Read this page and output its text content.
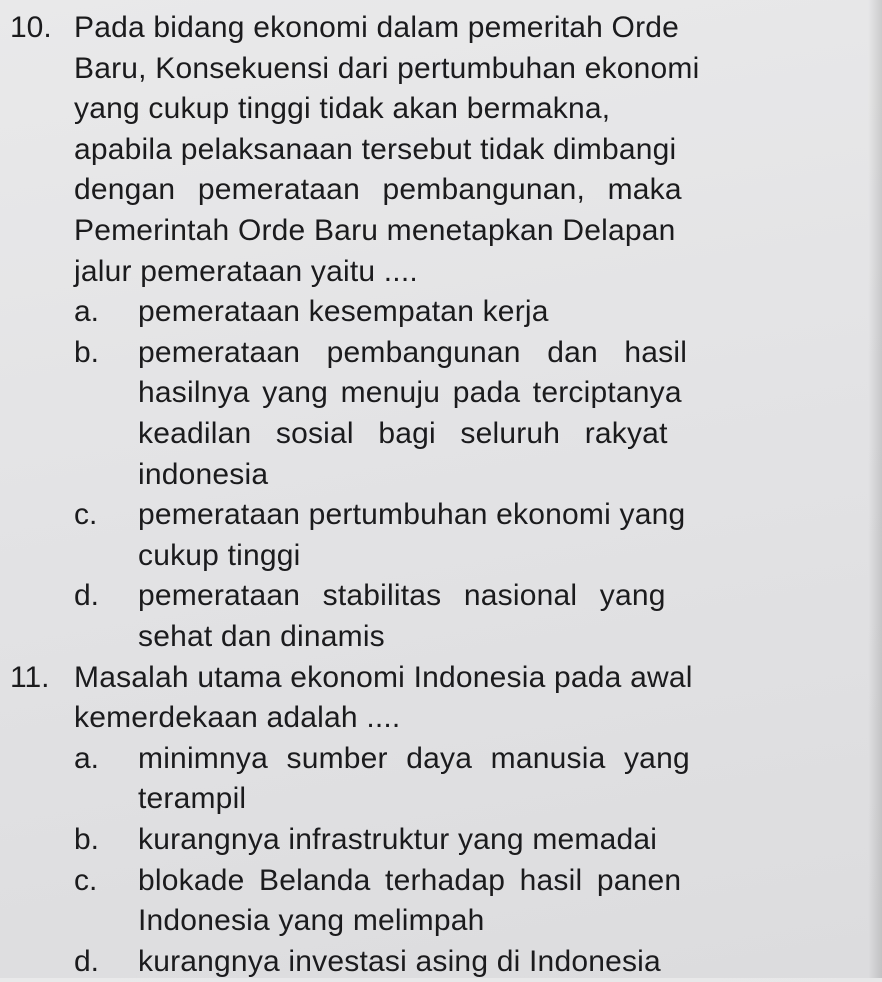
10. Pada bidang ekonomi dalam pemeritah Orde
Baru, Konsekuensi dari pertumbuhan ekonomi
yang cukup tinggi tidak akan bermakna,
apabila pelaksanaan tersebut tidak dimbangi
dengan pemerataan pembangunan, maka
Pemerintah Orde Baru menetapkan Delapan
jalur pemerataan yaitu ....
a. pemerataan kesempatan kerja
b. pemerataan pembangunan dan hasil
hasilnya yang menuju pada terciptanya
keadilan sosial bagi seluruh rakyat
indonesia
c. pemerataan pertumbuhan ekonomi yang
cukup tinggi
d. pemerataan stabilitas nasional yang
sehat dan dinamis
11. Masalah utama ekonomi Indonesia pada awal
kemerdekaan adalah ....
a. minimnya sumber daya manusia yang
terampil
b. kurangnya infrastruktur yang memadai
c. blokade Belanda terhadap hasil panen
Indonesia yang melimpah
d. kurangnya investasi asing di Indonesia
